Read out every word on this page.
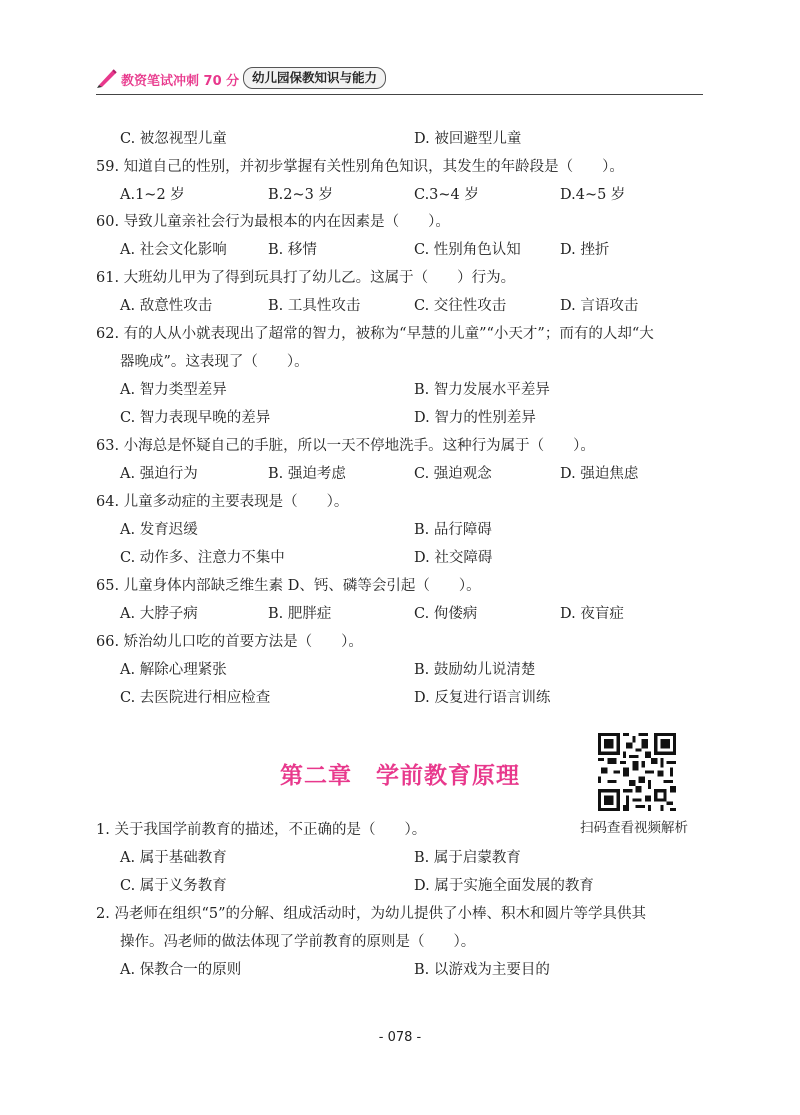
教资笔试冲刺 70 分	幼儿园保教知识与能力
C. 被忽视型儿童	D. 被回避型儿童
59. 知道自己的性别，并初步掌握有关性别角色知识，其发生的年龄段是（　　）。
A.1~2 岁	B.2~3 岁	C.3~4 岁	D.4~5 岁
60. 导致儿童亲社会行为最根本的内在因素是（　　）。
A. 社会文化影响	B. 移情	C. 性别角色认知	D. 挫折
61. 大班幼儿甲为了得到玩具打了幼儿乙。这属于（　　）行为。
A. 敌意性攻击	B. 工具性攻击	C. 交往性攻击	D. 言语攻击
62. 有的人从小就表现出了超常的智力，被称为“早慧的儿童”“小天才”；而有的人却“大
器晚成”。这表现了（　　）。
A. 智力类型差异	B. 智力发展水平差异
C. 智力表现早晚的差异	D. 智力的性别差异
63. 小海总是怀疑自己的手脏，所以一天不停地洗手。这种行为属于（　　）。
A. 强迫行为	B. 强迫考虑	C. 强迫观念	D. 强迫焦虑
64. 儿童多动症的主要表现是（　　）。
A. 发育迟缓	B. 品行障碍
C. 动作多、注意力不集中	D. 社交障碍
65. 儿童身体内部缺乏维生素 D、钙、磷等会引起（　　）。
A. 大脖子病	B. 肥胖症	C. 佝偻病	D. 夜盲症
66. 矫治幼儿口吃的首要方法是（　　）。
A. 解除心理紧张	B. 鼓励幼儿说清楚
C. 去医院进行相应检查	D. 反复进行语言训练
第二章　学前教育原理
扫码查看视频解析
1. 关于我国学前教育的描述，不正确的是（　　）。
A. 属于基础教育	B. 属于启蒙教育
C. 属于义务教育	D. 属于实施全面发展的教育
2. 冯老师在组织“5”的分解、组成活动时，为幼儿提供了小棒、积木和圆片等学具供其
操作。冯老师的做法体现了学前教育的原则是（　　）。
A. 保教合一的原则	B. 以游戏为主要目的
- 078 -
